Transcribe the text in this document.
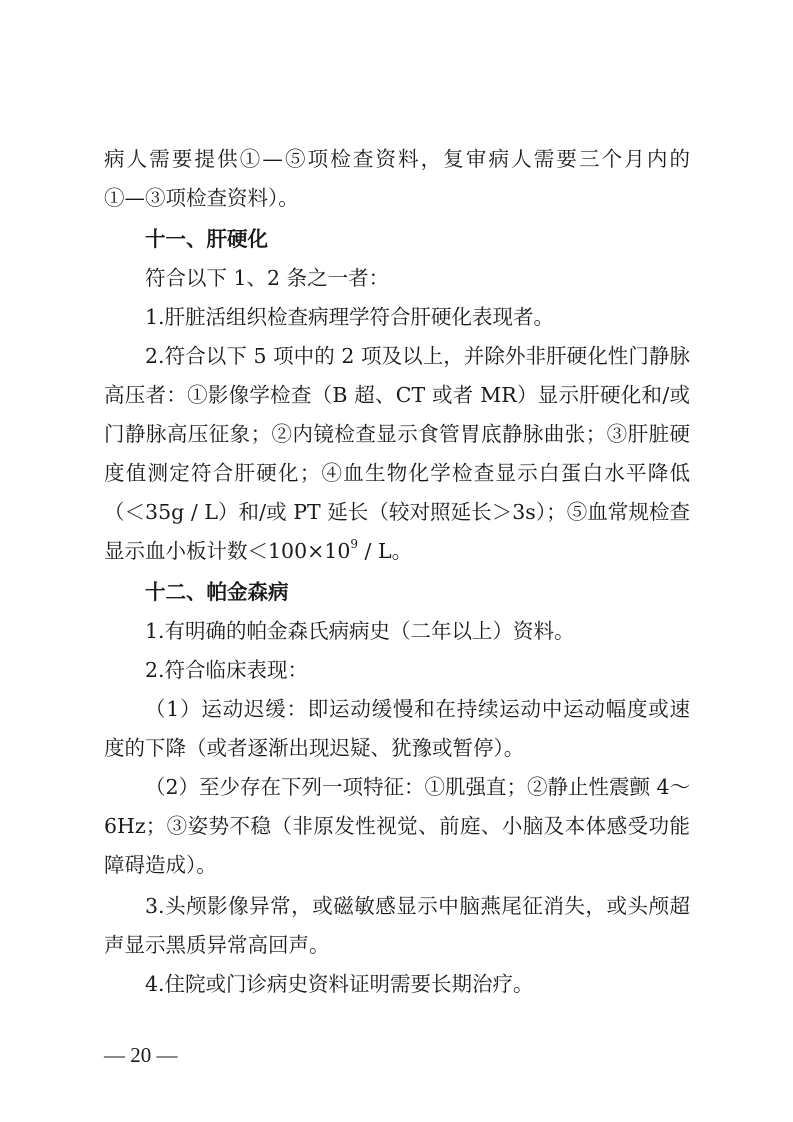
病人需要提供①—⑤项检查资料，复审病人需要三个月内的
①—③项检查资料）。
十一、肝硬化
符合以下 1、2 条之一者：
1.肝脏活组织检查病理学符合肝硬化表现者。
2.符合以下 5 项中的 2 项及以上，并除外非肝硬化性门静脉
高压者：①影像学检查（B 超、CT 或者 MR）显示肝硬化和/或
门静脉高压征象；②内镜检查显示食管胃底静脉曲张；③肝脏硬
度值测定符合肝硬化；④血生物化学检查显示白蛋白水平降低
（＜35g / L）和/或 PT 延长（较对照延长＞3s）；⑤血常规检查
显示血小板计数$<100\times 10^9 / L$。
十二、帕金森病
1.有明确的帕金森氏病病史（二年以上）资料。
2.符合临床表现：
（1）运动迟缓：即运动缓慢和在持续运动中运动幅度或速
度的下降（或者逐渐出现迟疑、犹豫或暂停）。
（2）至少存在下列一项特征：①肌强直；②静止性震颤 4～
6Hz；③姿势不稳（非原发性视觉、前庭、小脑及本体感受功能
障碍造成）。
3.头颅影像异常，或磁敏感显示中脑燕尾征消失，或头颅超
声显示黑质异常高回声。
4.住院或门诊病史资料证明需要长期治疗。
— 20 —
